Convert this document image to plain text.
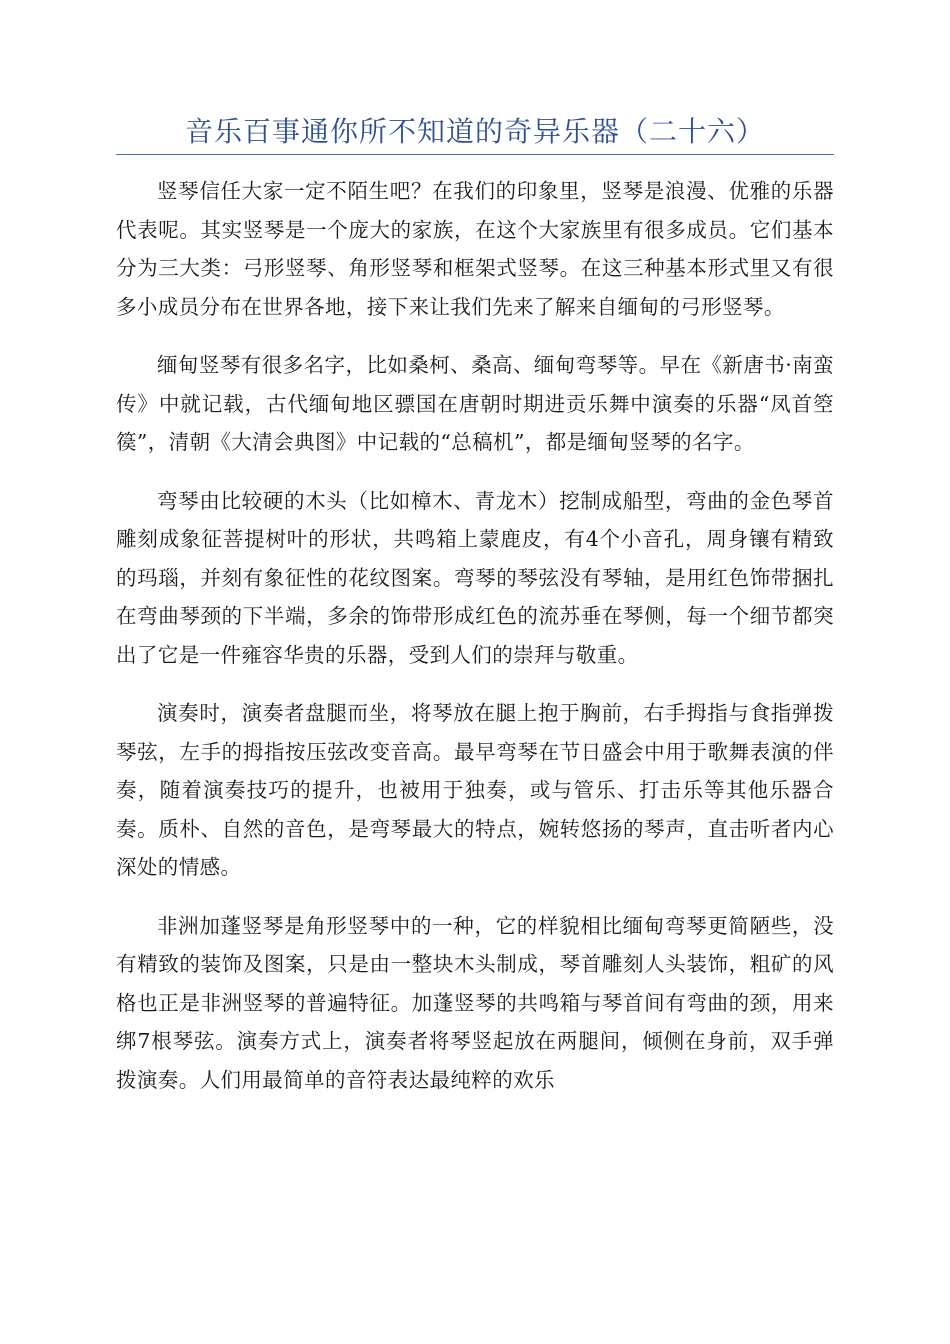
音乐百事通你所不知道的奇异乐器（二十六）

竖琴信任大家一定不陌生吧？在我们的印象里，竖琴是浪漫、优雅的乐器代表呢。其实竖琴是一个庞大的家族，在这个大家族里有很多成员。它们基本分为三大类：弓形竖琴、角形竖琴和框架式竖琴。在这三种基本形式里又有很多小成员分布在世界各地，接下来让我们先来了解来自缅甸的弓形竖琴。

缅甸竖琴有很多名字，比如桑柯、桑高、缅甸弯琴等。早在《新唐书·南蛮传》中就记载，古代缅甸地区骠国在唐朝时期进贡乐舞中演奏的乐器“凤首箜篌”，清朝《大清会典图》中记载的“总稿机”，都是缅甸竖琴的名字。

弯琴由比较硬的木头（比如樟木、青龙木）挖制成船型，弯曲的金色琴首雕刻成象征菩提树叶的形状，共鸣箱上蒙鹿皮，有4个小音孔，周身镶有精致的玛瑙，并刻有象征性的花纹图案。弯琴的琴弦没有琴轴，是用红色饰带捆扎在弯曲琴颈的下半端，多余的饰带形成红色的流苏垂在琴侧，每一个细节都突出了它是一件雍容华贵的乐器，受到人们的崇拜与敬重。

演奏时，演奏者盘腿而坐，将琴放在腿上抱于胸前，右手拇指与食指弹拨琴弦，左手的拇指按压弦改变音高。最早弯琴在节日盛会中用于歌舞表演的伴奏，随着演奏技巧的提升，也被用于独奏，或与管乐、打击乐等其他乐器合奏。质朴、自然的音色，是弯琴最大的特点，婉转悠扬的琴声，直击听者内心深处的情感。

非洲加蓬竖琴是角形竖琴中的一种，它的样貌相比缅甸弯琴更简陋些，没有精致的装饰及图案，只是由一整块木头制成，琴首雕刻人头装饰，粗矿的风格也正是非洲竖琴的普遍特征。加蓬竖琴的共鸣箱与琴首间有弯曲的颈，用来绑7根琴弦。演奏方式上，演奏者将琴竖起放在两腿间，倾侧在身前，双手弹拨演奏。人们用最简单的音符表达最纯粹的欢乐
